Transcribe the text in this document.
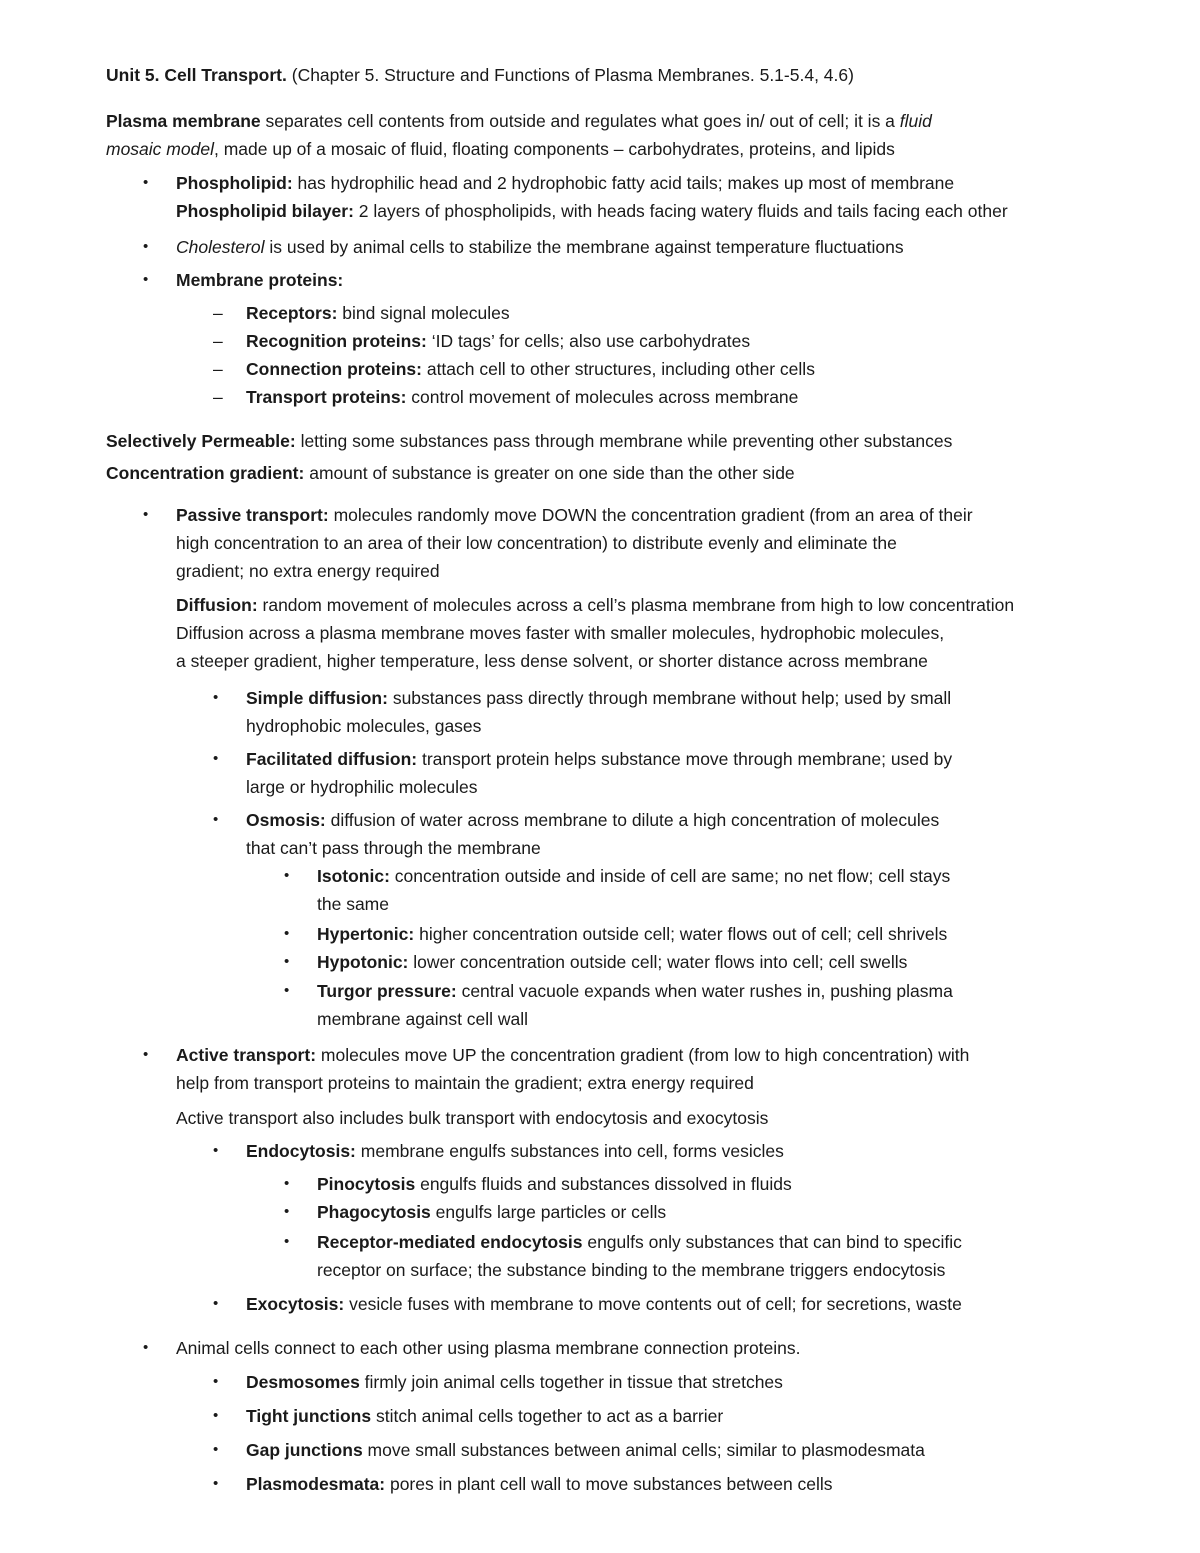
Unit 5. Cell Transport. (Chapter 5. Structure and Functions of Plasma Membranes. 5.1-5.4, 4.6)
Plasma membrane separates cell contents from outside and regulates what goes in/ out of cell; it is a fluid
mosaic model, made up of a mosaic of fluid, floating components – carbohydrates, proteins, and lipids
• Phospholipid: has hydrophilic head and 2 hydrophobic fatty acid tails; makes up most of membrane
Phospholipid bilayer: 2 layers of phospholipids, with heads facing watery fluids and tails facing each other
• Cholesterol is used by animal cells to stabilize the membrane against temperature fluctuations
• Membrane proteins:
– Receptors: bind signal molecules
– Recognition proteins: ‘ID tags’ for cells; also use carbohydrates
– Connection proteins: attach cell to other structures, including other cells
– Transport proteins: control movement of molecules across membrane
Selectively Permeable: letting some substances pass through membrane while preventing other substances
Concentration gradient: amount of substance is greater on one side than the other side
• Passive transport: molecules randomly move DOWN the concentration gradient (from an area of their
high concentration to an area of their low concentration) to distribute evenly and eliminate the
gradient; no extra energy required
Diffusion: random movement of molecules across a cell’s plasma membrane from high to low concentration
Diffusion across a plasma membrane moves faster with smaller molecules, hydrophobic molecules,
a steeper gradient, higher temperature, less dense solvent, or shorter distance across membrane
• Simple diffusion: substances pass directly through membrane without help; used by small
hydrophobic molecules, gases
• Facilitated diffusion: transport protein helps substance move through membrane; used by
large or hydrophilic molecules
• Osmosis: diffusion of water across membrane to dilute a high concentration of molecules
that can’t pass through the membrane
• Isotonic: concentration outside and inside of cell are same; no net flow; cell stays
the same
• Hypertonic: higher concentration outside cell; water flows out of cell; cell shrivels
• Hypotonic: lower concentration outside cell; water flows into cell; cell swells
• Turgor pressure: central vacuole expands when water rushes in, pushing plasma
membrane against cell wall
• Active transport: molecules move UP the concentration gradient (from low to high concentration) with
help from transport proteins to maintain the gradient; extra energy required
Active transport also includes bulk transport with endocytosis and exocytosis
• Endocytosis: membrane engulfs substances into cell, forms vesicles
• Pinocytosis engulfs fluids and substances dissolved in fluids
• Phagocytosis engulfs large particles or cells
• Receptor-mediated endocytosis engulfs only substances that can bind to specific
receptor on surface; the substance binding to the membrane triggers endocytosis
• Exocytosis: vesicle fuses with membrane to move contents out of cell; for secretions, waste
• Animal cells connect to each other using plasma membrane connection proteins.
• Desmosomes firmly join animal cells together in tissue that stretches
• Tight junctions stitch animal cells together to act as a barrier
• Gap junctions move small substances between animal cells; similar to plasmodesmata
• Plasmodesmata: pores in plant cell wall to move substances between cells
